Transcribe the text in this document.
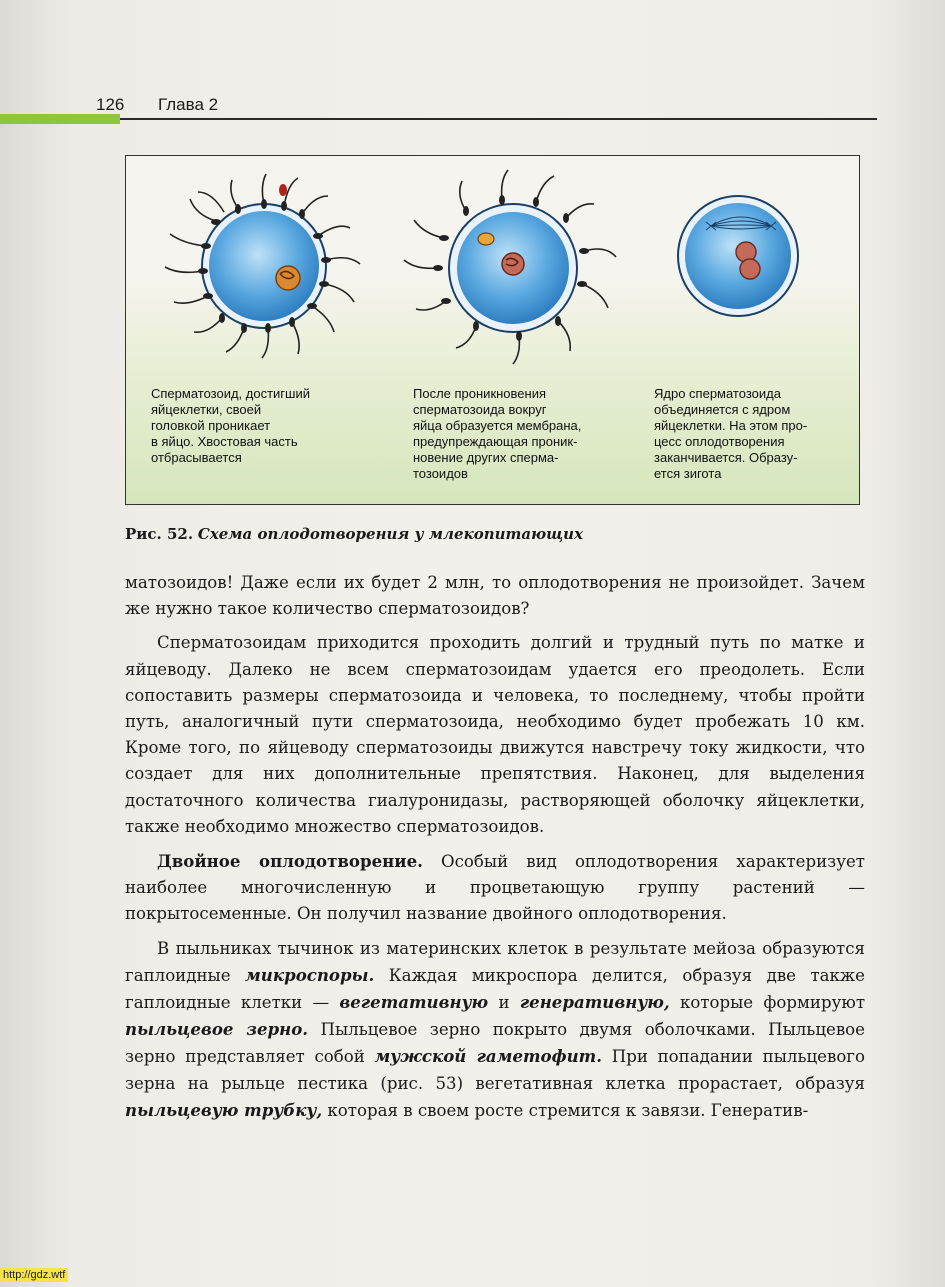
126 Глава 2
Сперматозоид, достигший
яйцеклетки, своей
головкой проникает
в яйцо. Хвостовая часть
отбрасывается
После проникновения
сперматозоида вокруг
яйца образуется мембрана,
предупреждающая проник-
новение других сперма-
тозоидов
Ядро сперматозоида
объединяется с ядром
яйцеклетки. На этом про-
цесс оплодотворения
заканчивается. Образу-
ется зигота
Рис. 52. Схема оплодотворения у млекопитающих

матозоидов! Даже если их будет 2 млн, то оплодотворения не произойдет. Зачем же нужно такое количество сперматозоидов?

Сперматозоидам приходится проходить долгий и трудный путь по матке и яйцеводу. Далеко не всем сперматозоидам удается его преодолеть. Если сопоставить размеры сперматозоида и человека, то последнему, чтобы пройти путь, аналогичный пути сперматозоида, необходимо будет пробежать 10 км. Кроме того, по яйцеводу сперматозоиды движутся навстречу току жидкости, что создает для них дополнительные препятствия. Наконец, для выделения достаточного количества гиалуронидазы, растворяющей оболочку яйцеклетки, также необходимо множество сперматозоидов.

Двойное оплодотворение. Особый вид оплодотворения характеризует наиболее многочисленную и процветающую группу растений — покрытосеменные. Он получил название двойного оплодотворения.

В пыльниках тычинок из материнских клеток в результате мейоза образуются гаплоидные микроспоры. Каждая микроспора делится, образуя две также гаплоидные клетки — вегетативную и генеративную, которые формируют пыльцевое зерно. Пыльцевое зерно покрыто двумя оболочками. Пыльцевое зерно представляет собой мужской гаметофит. При попадании пыльцевого зерна на рыльце пестика (рис. 53) вегетативная клетка прорастает, образуя пыльцевую трубку, которая в своем росте стремится к завязи. Генератив-

http://gdz.wtf
